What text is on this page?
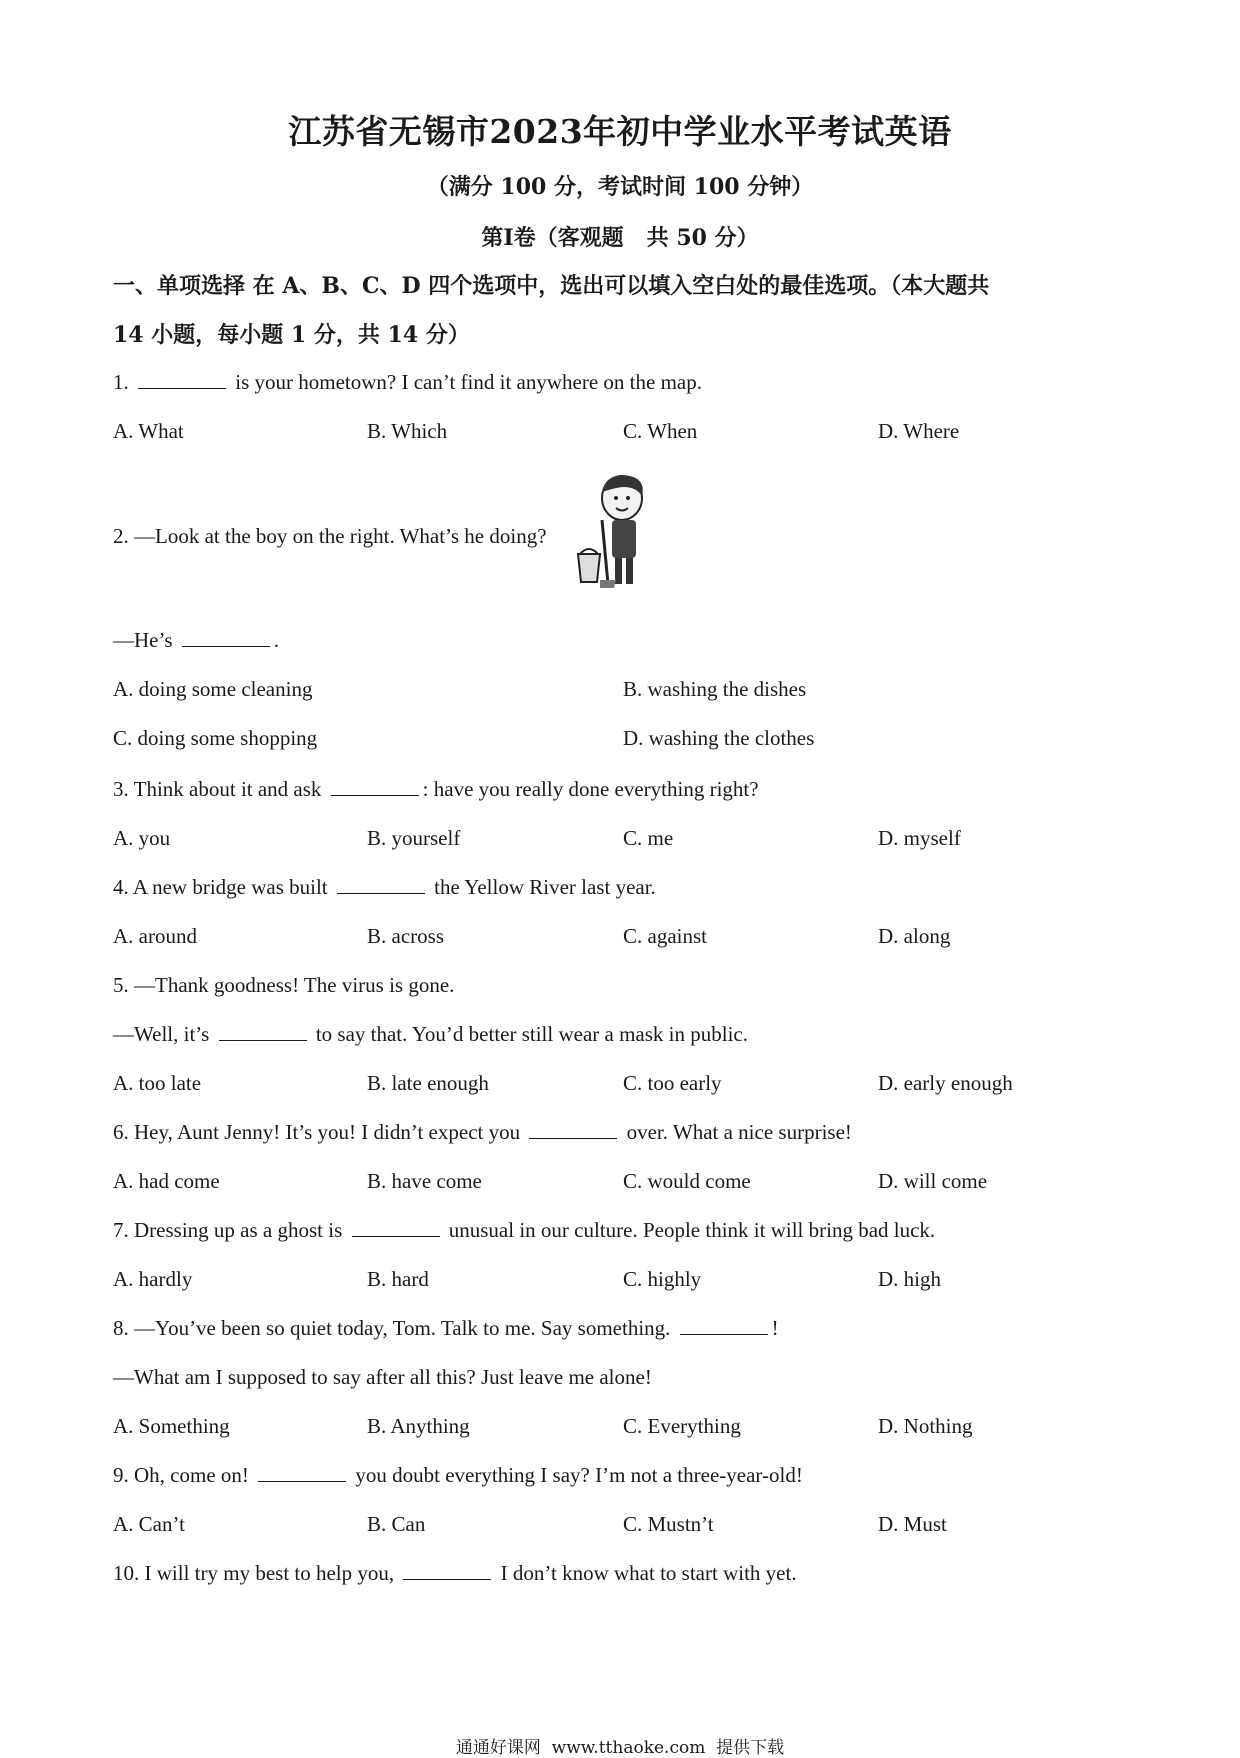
江苏省无锡市2023年初中学业水平考试英语
（满分 100 分，考试时间 100 分钟）
第Ⅰ卷（客观题   共 50 分）
一、单项选择 在 A、B、C、D 四个选项中，选出可以填入空白处的最佳选项。（本大题共
14 小题，每小题 1 分，共 14 分）
1.	is your hometown? I can’t find it anywhere on the map.
A. What	B. Which	C. When	D. Where
2. —Look at the boy on the right. What’s he doing?
—He’s	.
A. doing some cleaning	B. washing the dishes
C. doing some shopping	D. washing the clothes
3. Think about it and ask	: have you really done everything right?
A. you	B. yourself	C. me	D. myself
4. A new bridge was built	the Yellow River last year.
A. around	B. across	C. against	D. along
5. —Thank goodness! The virus is gone.
—Well, it’s	to say that. You’d better still wear a mask in public.
A. too late	B. late enough	C. too early	D. early enough
6. Hey, Aunt Jenny! It’s you! I didn’t expect you	over. What a nice surprise!
A. had come	B. have come	C. would come	D. will come
7. Dressing up as a ghost is	unusual in our culture. People think it will bring bad luck.
A. hardly	B. hard	C. highly	D. high
8. —You’ve been so quiet today, Tom. Talk to me. Say something.	!
—What am I supposed to say after all this? Just leave me alone!
A. Something	B. Anything	C. Everything	D. Nothing
9. Oh, come on!	you doubt everything I say? I’m not a three-year-old!
A. Can’t	B. Can	C. Mustn’t	D. Must
10. I will try my best to help you,	I don’t know what to start with yet.
通通好课网  www.tthaoke.com  提供下载
